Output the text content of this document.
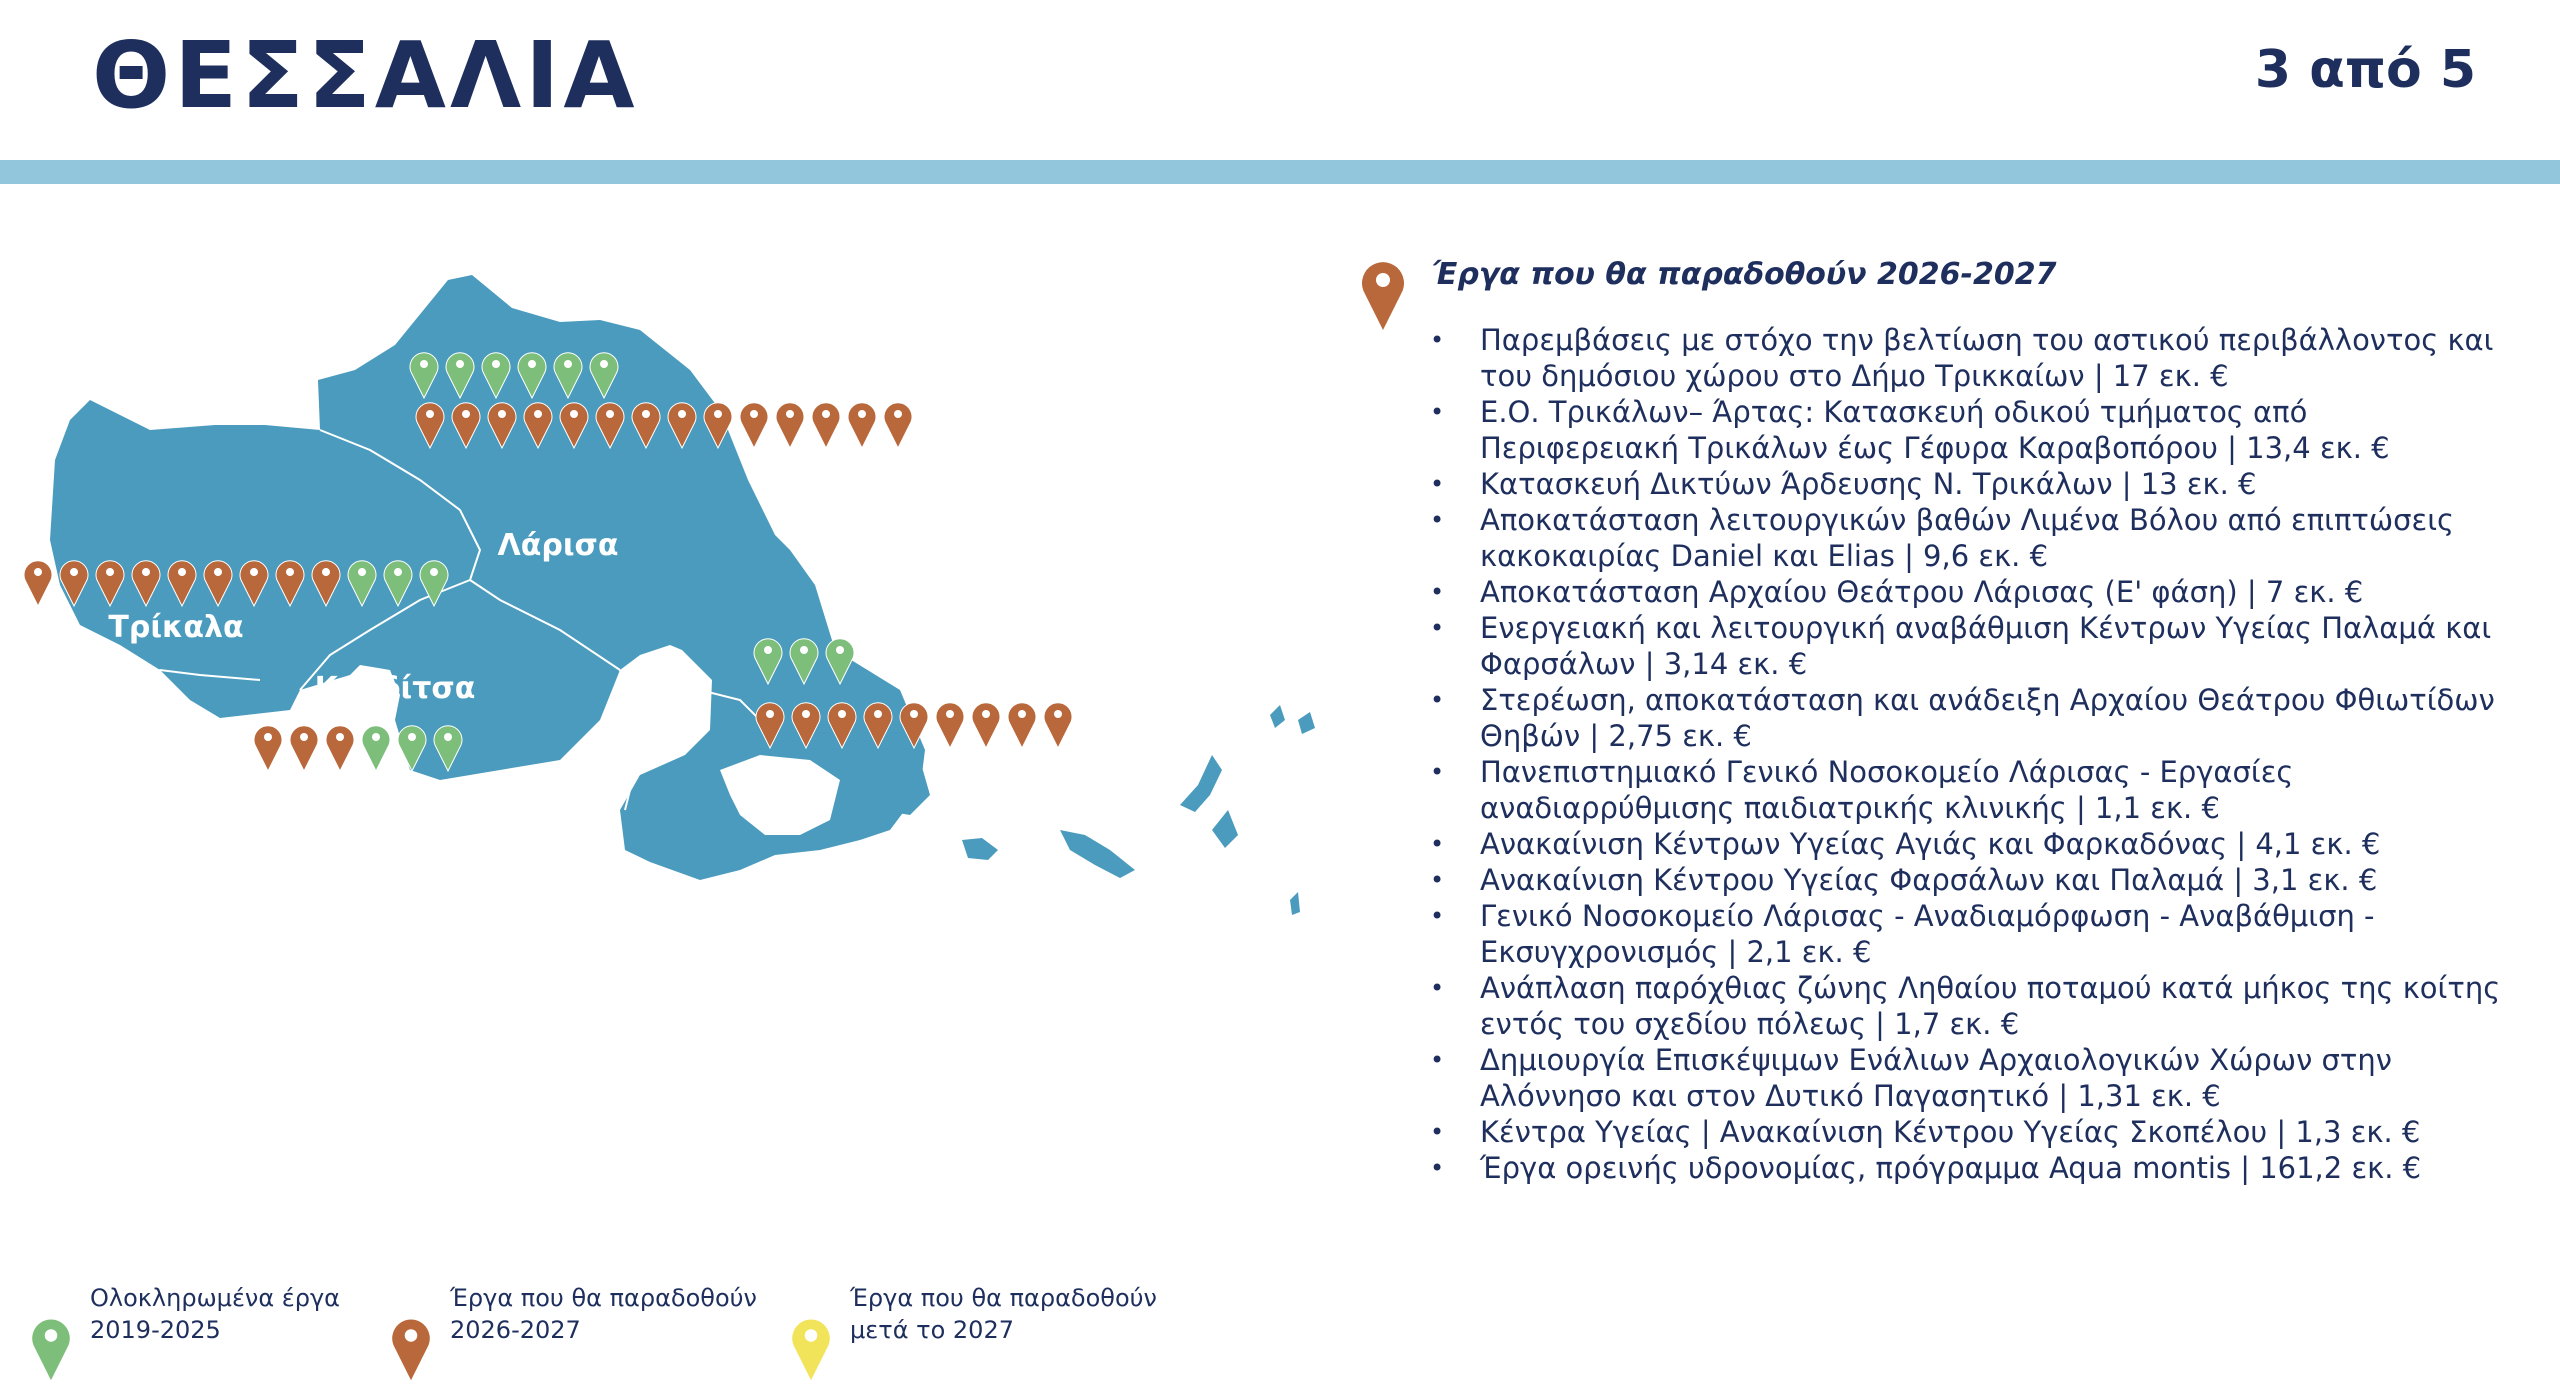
ΘΕΣΣΑΛΙΑ	3 από 5
Λάρισα
Τρίκαλα
Καρδίτσα
Μαγνησία
Έργα που θα παραδοθούν 2026-2027
• Παρεμβάσεις με στόχο την βελτίωση του αστικού περιβάλλοντος και του δημόσιου χώρου στο Δήμο Τρικκαίων | 17 εκ. €
• Ε.Ο. Τρικάλων– Άρτας: Κατασκευή οδικού τμήματος από Περιφερειακή Τρικάλων έως Γέφυρα Καραβοπόρου | 13,4 εκ. €
• Κατασκευή Δικτύων Άρδευσης Ν. Τρικάλων | 13 εκ. €
• Αποκατάσταση λειτουργικών βαθών Λιμένα Βόλου από επιπτώσεις κακοκαιρίας Daniel και Elias | 9,6 εκ. €
• Αποκατάσταση Αρχαίου Θεάτρου Λάρισας (Ε' φάση) | 7 εκ. €
• Ενεργειακή και λειτουργική αναβάθμιση Κέντρων Υγείας Παλαμά και Φαρσάλων | 3,14 εκ. €
• Στερέωση, αποκατάσταση και ανάδειξη Αρχαίου Θεάτρου Φθιωτίδων Θηβών | 2,75 εκ. €
• Πανεπιστημιακό Γενικό Νοσοκομείο Λάρισας - Εργασίες αναδιαρρύθμισης παιδιατρικής κλινικής | 1,1 εκ. €
• Ανακαίνιση Κέντρων Υγείας Αγιάς και Φαρκαδόνας | 4,1 εκ. €
• Ανακαίνιση Κέντρου Υγείας Φαρσάλων και Παλαμά | 3,1 εκ. €
• Γενικό Νοσοκομείο Λάρισας - Αναδιαμόρφωση - Αναβάθμιση - Εκσυγχρονισμός | 2,1 εκ. €
• Ανάπλαση παρόχθιας ζώνης Ληθαίου ποταμού κατά μήκος της κοίτης εντός του σχεδίου πόλεως | 1,7 εκ. €
• Δημιουργία Επισκέψιμων Ενάλιων Αρχαιολογικών Χώρων στην Αλόννησο και στον Δυτικό Παγασητικό | 1,31 εκ. €
• Κέντρα Υγείας | Ανακαίνιση Κέντρου Υγείας Σκοπέλου | 1,3 εκ. €
• Έργα ορεινής υδρονομίας, πρόγραμμα Aqua montis | 161,2 εκ. €

Ολοκληρωμένα έργα
2019-2025

Έργα που θα παραδοθούν
2026-2027

Έργα που θα παραδοθούν
μετά το 2027
